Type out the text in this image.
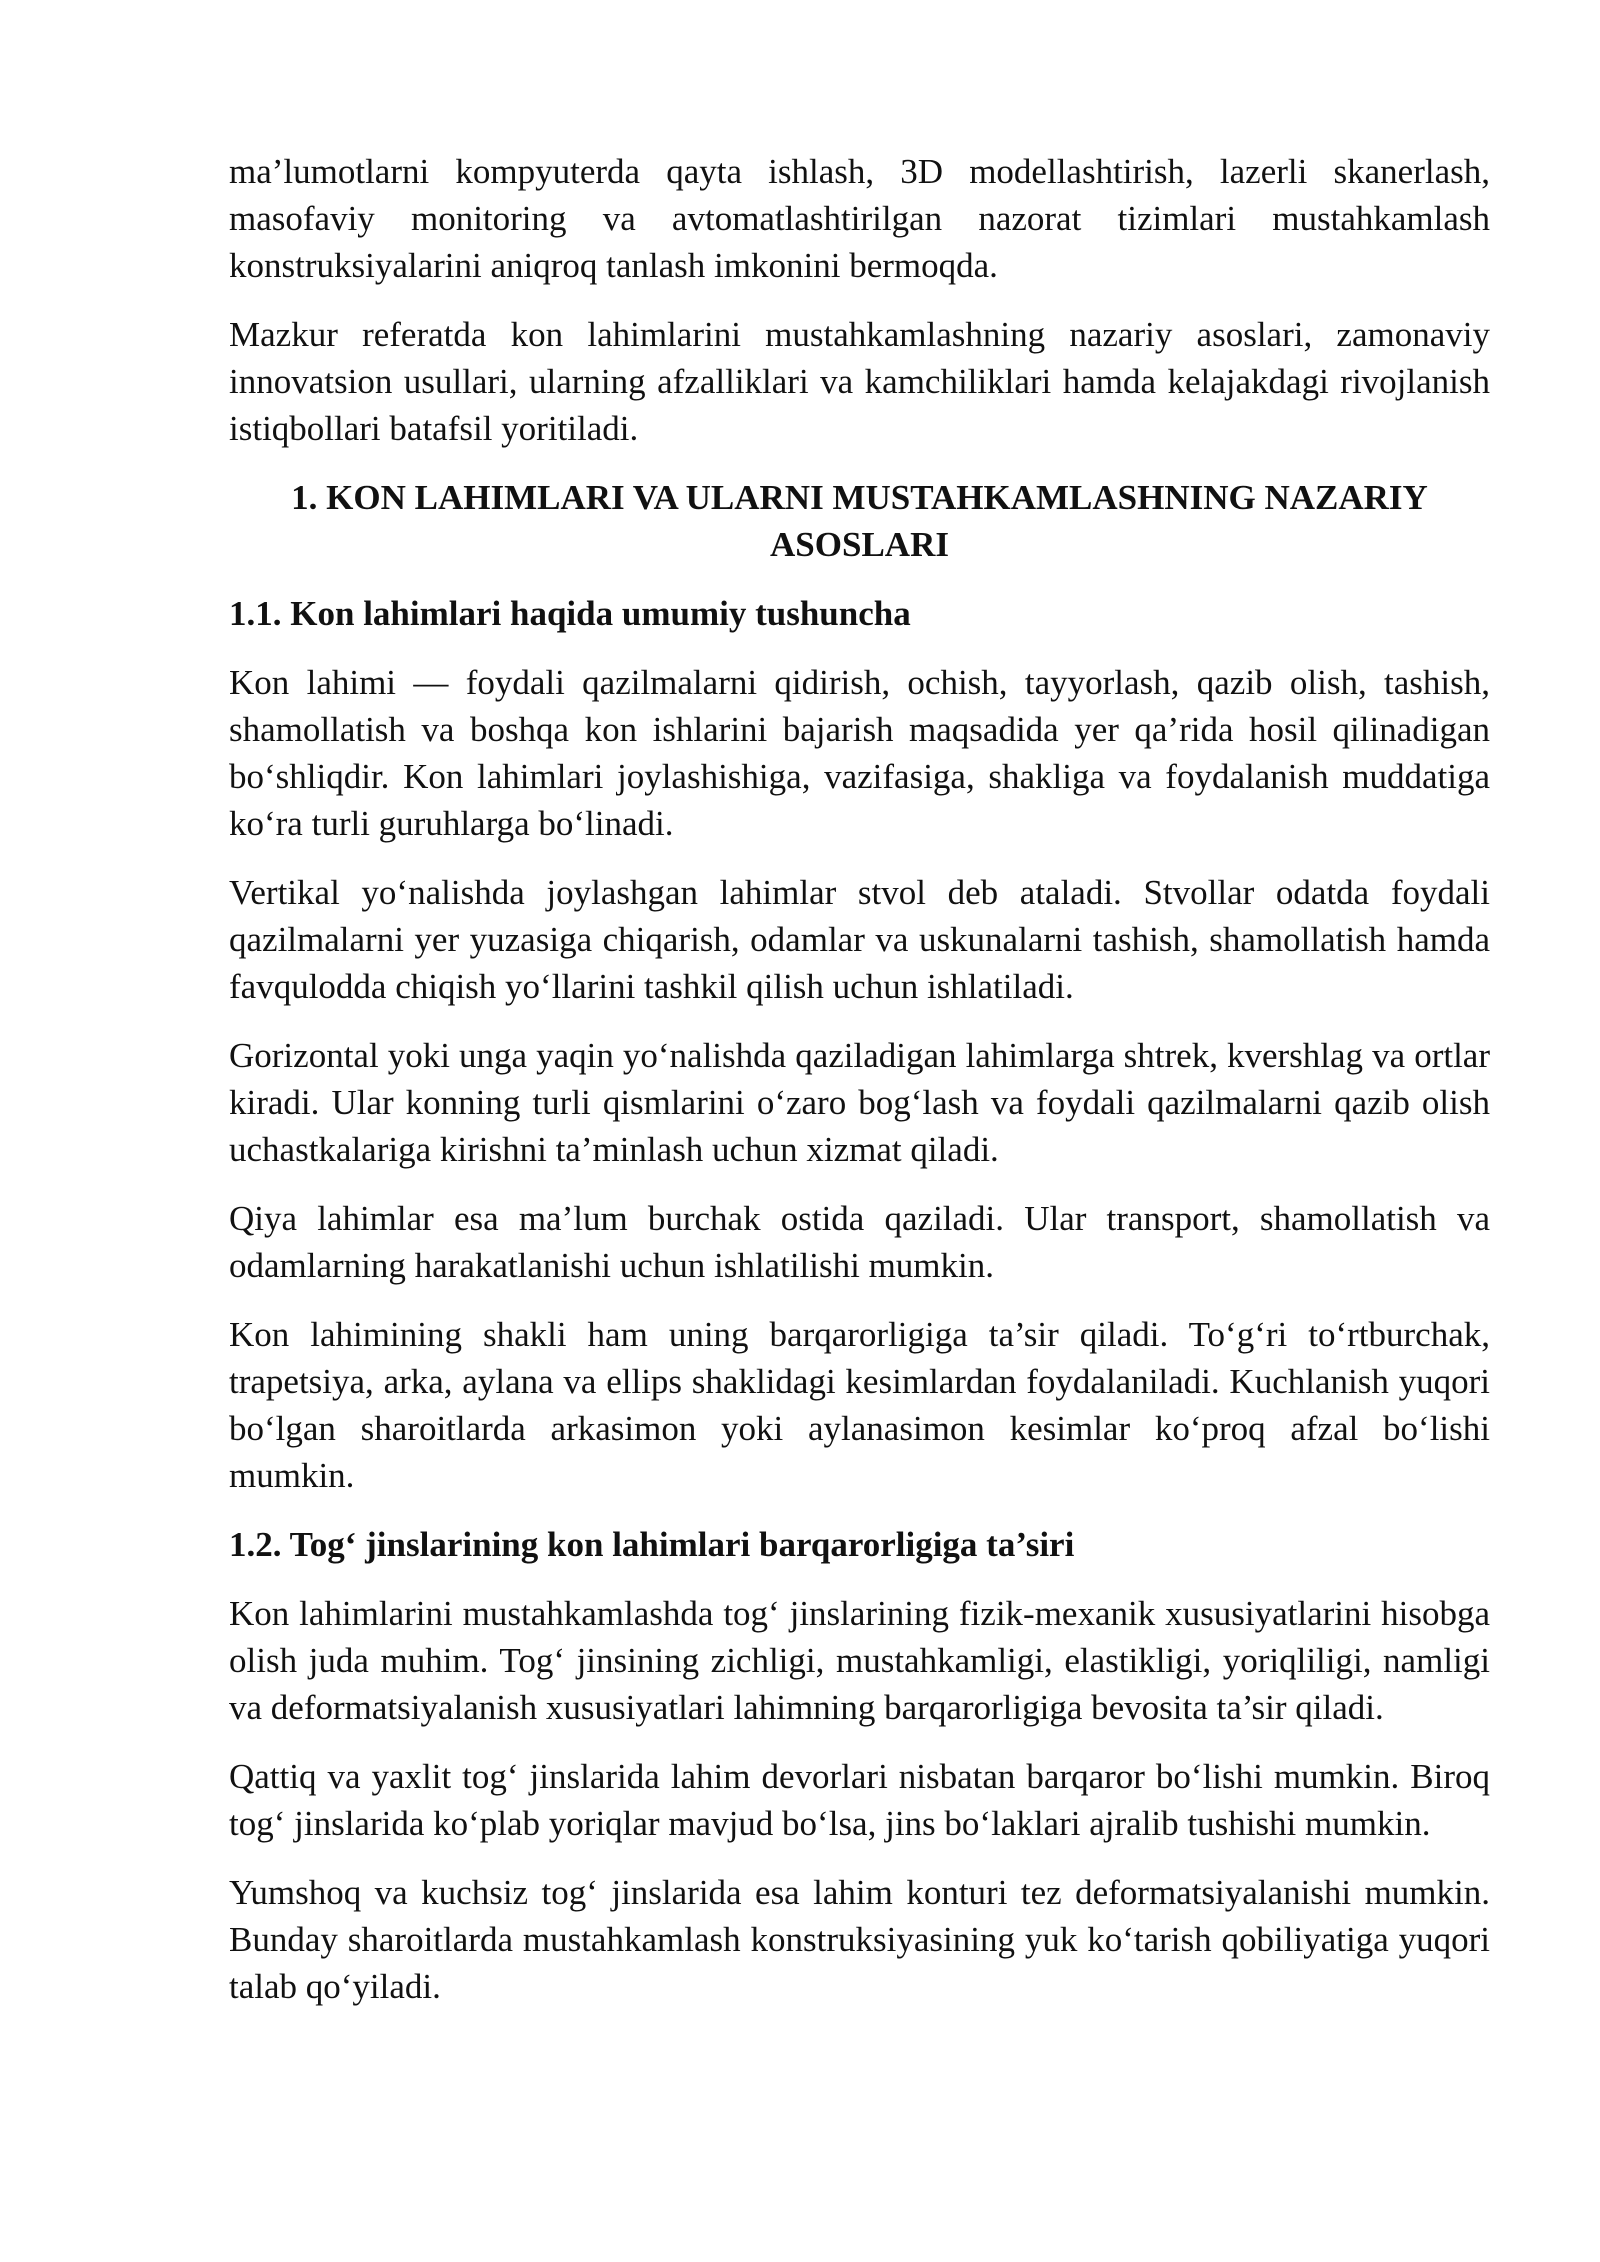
ma’lumotlarni kompyuterda qayta ishlash, 3D modellashtirish, lazerli skanerlash, masofaviy monitoring va avtomatlashtirilgan nazorat tizimlari mustahkamlash konstruksiyalarini aniqroq tanlash imkonini bermoqda.

Mazkur referatda kon lahimlarini mustahkamlashning nazariy asoslari, zamonaviy innovatsion usullari, ularning afzalliklari va kamchiliklari hamda kelajakdagi rivojlanish istiqbollari batafsil yoritiladi.

1. KON LAHIMLARI VA ULARNI MUSTAHKAMLASHNING NAZARIY ASOSLARI
1.1. Kon lahimlari haqida umumiy tushuncha

Kon lahimi — foydali qazilmalarni qidirish, ochish, tayyorlash, qazib olish, tashish, shamollatish va boshqa kon ishlarini bajarish maqsadida yer qa’rida hosil qilinadigan bo‘shliqdir. Kon lahimlari joylashishiga, vazifasiga, shakliga va foydalanish muddatiga ko‘ra turli guruhlarga bo‘linadi.

Vertikal yo‘nalishda joylashgan lahimlar stvol deb ataladi. Stvollar odatda foydali qazilmalarni yer yuzasiga chiqarish, odamlar va uskunalarni tashish, shamollatish hamda favqulodda chiqish yo‘llarini tashkil qilish uchun ishlatiladi.

Gorizontal yoki unga yaqin yo‘nalishda qaziladigan lahimlarga shtrek, kvershlag va ortlar kiradi. Ular konning turli qismlarini o‘zaro bog‘lash va foydali qazilmalarni qazib olish uchastkalariga kirishni ta’minlash uchun xizmat qiladi.

Qiya lahimlar esa ma’lum burchak ostida qaziladi. Ular transport, shamollatish va odamlarning harakatlanishi uchun ishlatilishi mumkin.

Kon lahimining shakli ham uning barqarorligiga ta’sir qiladi. To‘g‘ri to‘rtburchak, trapetsiya, arka, aylana va ellips shaklidagi kesimlardan foydalaniladi. Kuchlanish yuqori bo‘lgan sharoitlarda arkasimon yoki aylanasimon kesimlar ko‘proq afzal bo‘lishi mumkin.

1.2. Tog‘ jinslarining kon lahimlari barqarorligiga ta’siri

Kon lahimlarini mustahkamlashda tog‘ jinslarining fizik-mexanik xususiyatlarini hisobga olish juda muhim. Tog‘ jinsining zichligi, mustahkamligi, elastikligi, yoriqliligi, namligi va deformatsiyalanish xususiyatlari lahimning barqarorligiga bevosita ta’sir qiladi.

Qattiq va yaxlit tog‘ jinslarida lahim devorlari nisbatan barqaror bo‘lishi mumkin. Biroq tog‘ jinslarida ko‘plab yoriqlar mavjud bo‘lsa, jins bo‘laklari ajralib tushishi mumkin.

Yumshoq va kuchsiz tog‘ jinslarida esa lahim konturi tez deformatsiyalanishi mumkin. Bunday sharoitlarda mustahkamlash konstruksiyasining yuk ko‘tarish qobiliyatiga yuqori talab qo‘yiladi.
